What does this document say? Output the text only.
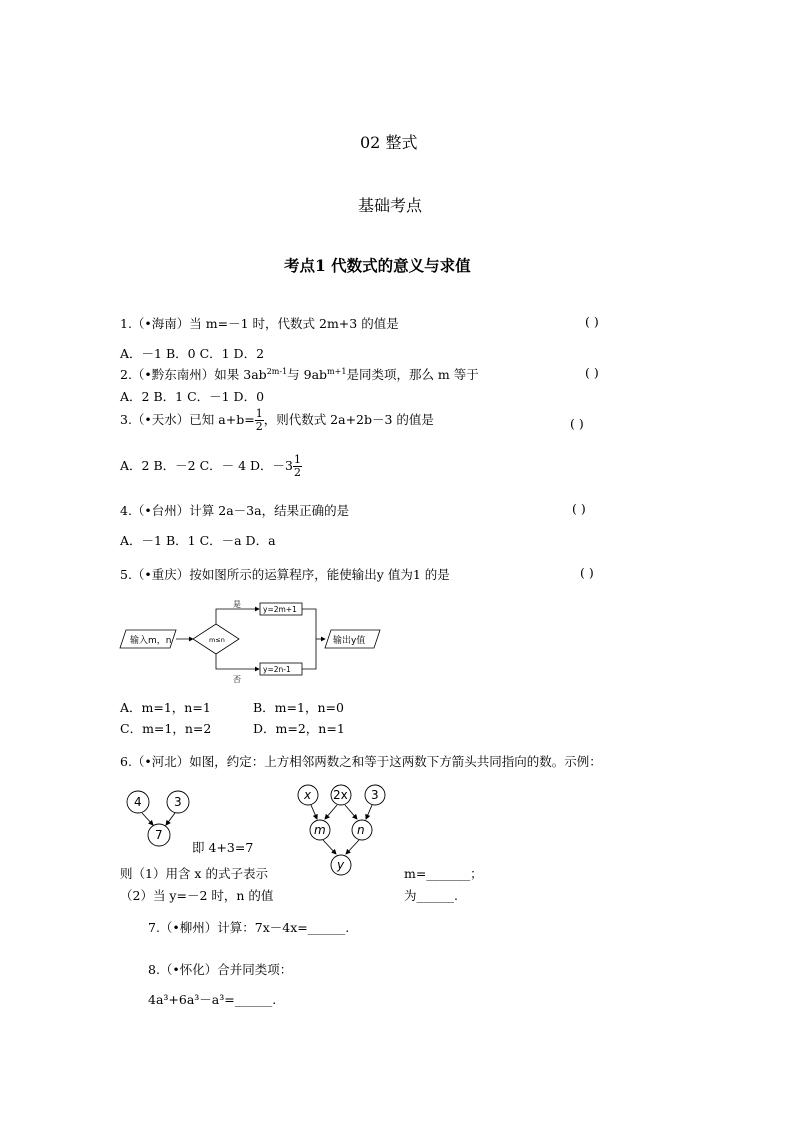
02 整式
基础考点
考点1 代数式的意义与求值
1.（•海南）当 m=－1 时，代数式 2m+3 的值是	( )
A．－1 B．0 C．1 D．2
2.（•黔东南州）如果 $3ab^{2m-1}$与 $9ab^{m+1}$是同类项，那么 m 等于	( )
A．2 B．1 C．－1 D．0
3.（•天水）已知 $a+b= \frac{1}{2}$ ，则代数式 2a+2b－3 的值是	( )
A．2 B．－2 C．－ 4 D．$-3 \frac{1}{2}$
4.（•台州）计算 2a－3a，结果正确的是	( )
A．－1 B．1 C．－a D．a
5.（•重庆）按如图所示的运算程序，能使输出y 值为1 的是	( )
输入m，n	m≤n
是
y=2m+1
否
y=2n-1
输出y值
A．m=1，n=1	B．m=1，n=0
C．m=1，n=2	D．m=2，n=1
6.（•河北）如图，约定：上方相邻两数之和等于这两数下方箭头共同指向的数。示例：
4	3
7
即 4+3=7
x 2x 3
m	n
y
则（1）用含 x 的式子表示	m=_______；
（2）当 y=－2 时，n 的值	为______.
7.（•柳州）计算：7x－4x=______.
8.（•怀化）合并同类项：
4a³+6a³－a³=______.
